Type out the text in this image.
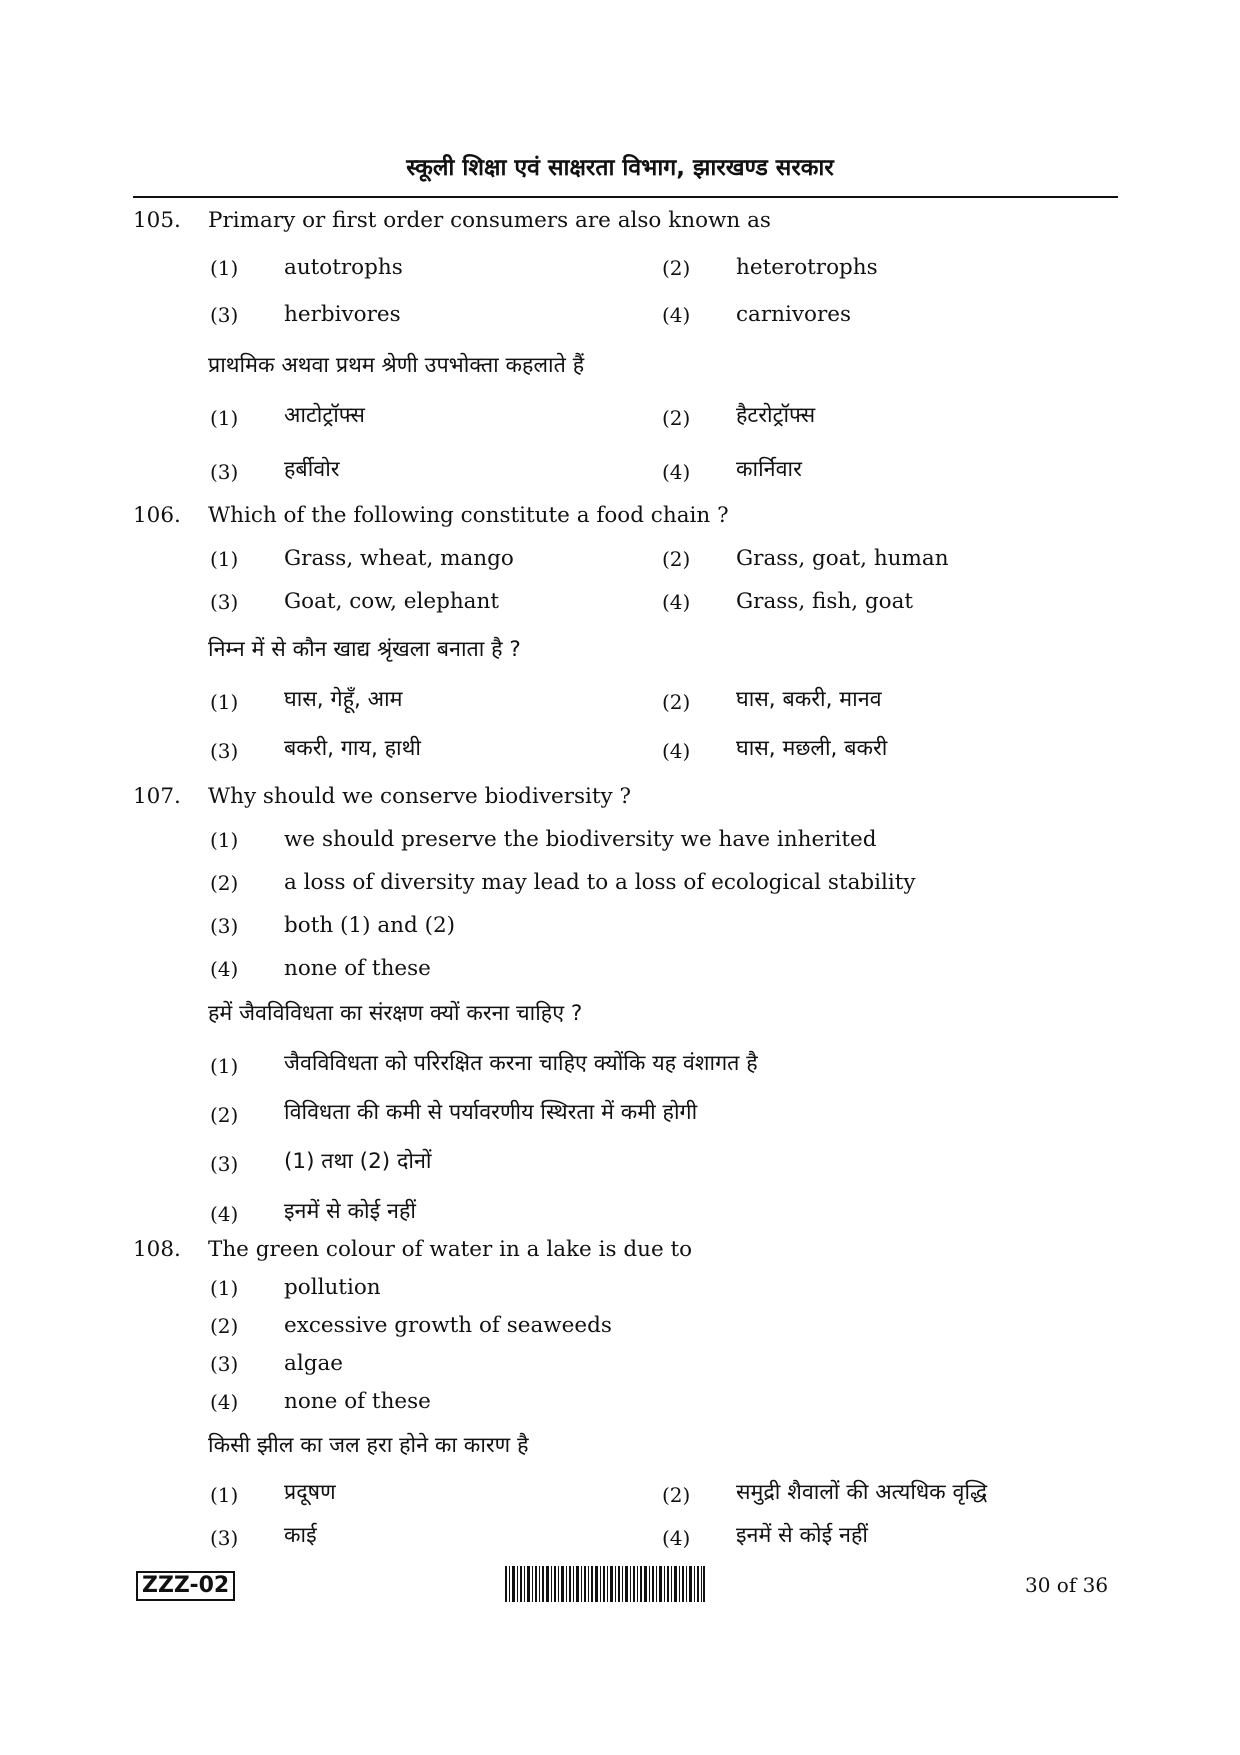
स्कूली शिक्षा एवं साक्षरता विभाग, झारखण्ड सरकार
105. Primary or first order consumers are also known as
(1) autotrophs	(2) heterotrophs
(3) herbivores	(4) carnivores
प्राथमिक अथवा प्रथम श्रेणी उपभोक्ता कहलाते हैं
(1) आटोट्रॉफ्स	(2) हैटरोट्रॉफ्स
(3) हर्बीवोर	(4) कार्निवार
106. Which of the following constitute a food chain ?
(1) Grass, wheat, mango	(2) Grass, goat, human
(3) Goat, cow, elephant	(4) Grass, fish, goat
निम्न में से कौन खाद्य श्रृंखला बनाता है ?
(1) घास, गेहूँ, आम	(2) घास, बकरी, मानव
(3) बकरी, गाय, हाथी	(4) घास, मछली, बकरी
107. Why should we conserve biodiversity ?
(1) we should preserve the biodiversity we have inherited
(2) a loss of diversity may lead to a loss of ecological stability
(3) both (1) and (2)
(4) none of these
हमें जैवविविधता का संरक्षण क्यों करना चाहिए ?
(1) जैवविविधता को परिरक्षित करना चाहिए क्योंकि यह वंशागत है
(2) विविधता की कमी से पर्यावरणीय स्थिरता में कमी होगी
(3) (1) तथा (2) दोनों
(4) इनमें से कोई नहीं
108. The green colour of water in a lake is due to
(1) pollution
(2) excessive growth of seaweeds
(3) algae
(4) none of these
किसी झील का जल हरा होने का कारण है
(1) प्रदूषण	(2) समुद्री शैवालों की अत्यधिक वृद्धि
(3) काई	(4) इनमें से कोई नहीं
ZZZ-02	30 of 36
